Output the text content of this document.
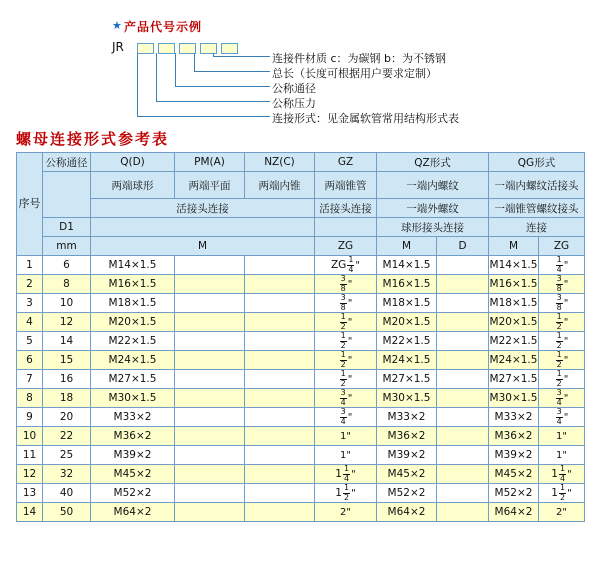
★ 产品代号示例
JR
连接件材质 c：为碳钢 b：为不锈钢
总长（长度可根据用户要求定制）
公称通径
公称压力
连接形式：见金属软管常用结构形式表
螺母连接形式参考表
序号	公称通径	Q(D)	PM(A)	NZ(C)	GZ	QZ形式		QG形式	
		两端球形	两端平面	两端内锥	两端锥管	一端内螺纹		一端内螺纹活接头	
		活接头连接			活接头连接	一端外螺纹		一端锥管螺纹接头	
	D1					球形接头连接		连接	
	mm	M			ZG	M	D	M	ZG
1	6	M14×1.5			ZG $\frac{1}{4}$ "	M14×1.5		M14×1.5	$\frac{1}{4}$ "
2	8	M16×1.5			$\frac{3}{8}$ "	M16×1.5		M16×1.5	$\frac{3}{8}$ "
3	10	M18×1.5			$\frac{3}{8}$ "	M18×1.5		M18×1.5	$\frac{3}{8}$ "
4	12	M20×1.5			$\frac{1}{2}$ "	M20×1.5		M20×1.5	$\frac{1}{2}$ "
5	14	M22×1.5			$\frac{1}{2}$ "	M22×1.5		M22×1.5	$\frac{1}{2}$ "
6	15	M24×1.5			$\frac{1}{2}$ "	M24×1.5		M24×1.5	$\frac{1}{2}$ "
7	16	M27×1.5			$\frac{1}{2}$ "	M27×1.5		M27×1.5	$\frac{1}{2}$ "
8	18	M30×1.5			$\frac{3}{4}$ "	M30×1.5		M30×1.5	$\frac{3}{4}$ "
9	20	M33×2			$\frac{3}{4}$ "	M33×2		M33×2	$\frac{3}{4}$ "
10	22	M36×2			1"	M36×2		M36×2	1"
11	25	M39×2			1"	M39×2		M39×2	1"
12	32	M45×2			$1 \frac{1}{4}$ "	M45×2		M45×2	$1 \frac{1}{4}$ "
13	40	M52×2			$1 \frac{1}{2}$ "	M52×2		M52×2	$1 \frac{1}{2}$ "
14	50	M64×2			2"	M64×2		M64×2	2"
